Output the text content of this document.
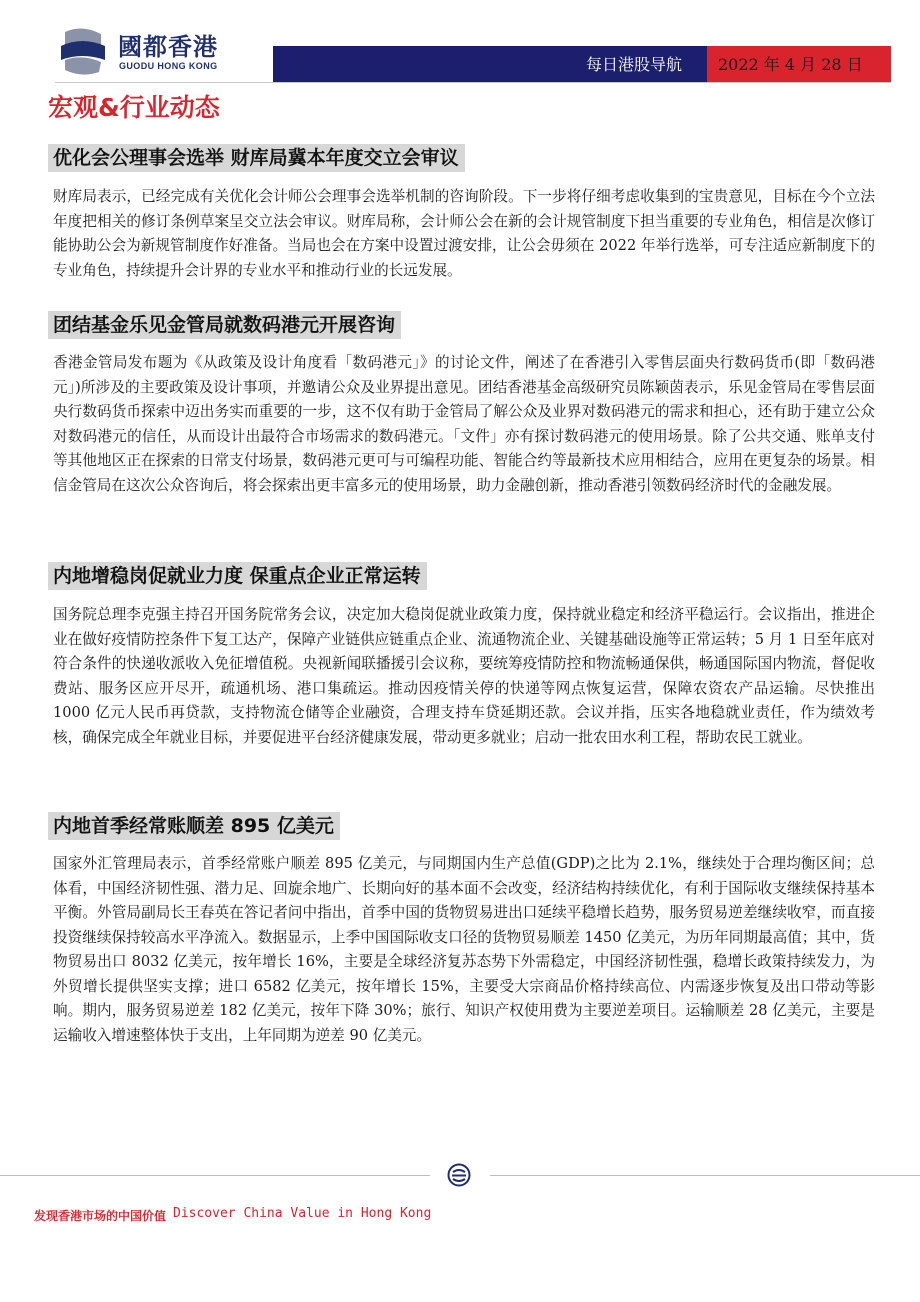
國都香港
GUODU HONG KONG	每日港股导航 2022 年 4 月 28 日
宏观&行业动态
优化会公理事会选举 财库局冀本年度交立会审议

财库局表示，已经完成有关优化会计师公会理事会选举机制的咨询阶段。下一步将仔细考虑收集到的宝贵意见，目标在今个立法年度把相关的修订条例草案呈交立法会审议。财库局称，会计师公会在新的会计规管制度下担当重要的专业角色，相信是次修订能协助公会为新规管制度作好准备。当局也会在方案中设置过渡安排，让公会毋须在 2022 年举行选举，可专注适应新制度下的专业角色，持续提升会计界的专业水平和推动行业的长远发展。

团结基金乐见金管局就数码港元开展咨询

香港金管局发布题为《从政策及设计角度看「数码港元」》的讨论文件，阐述了在香港引入零售层面央行数码货币(即「数码港元」)所涉及的主要政策及设计事项，并邀请公众及业界提出意见。团结香港基金高级研究员陈颖茵表示，乐见金管局在零售层面央行数码货币探索中迈出务实而重要的一步，这不仅有助于金管局了解公众及业界对数码港元的需求和担心，还有助于建立公众对数码港元的信任，从而设计出最符合市场需求的数码港元。「文件」亦有探讨数码港元的使用场景。除了公共交通、账单支付等其他地区正在探索的日常支付场景，数码港元更可与可编程功能、智能合约等最新技术应用相结合，应用在更复杂的场景。相信金管局在这次公众咨询后，将会探索出更丰富多元的使用场景，助力金融创新，推动香港引领数码经济时代的金融发展。

内地增稳岗促就业力度 保重点企业正常运转

国务院总理李克强主持召开国务院常务会议，决定加大稳岗促就业政策力度，保持就业稳定和经济平稳运行。会议指出，推进企业在做好疫情防控条件下复工达产，保障产业链供应链重点企业、流通物流企业、关键基础设施等正常运转；5 月 1 日至年底对符合条件的快递收派收入免征增值税。央视新闻联播援引会议称，要统筹疫情防控和物流畅通保供，畅通国际国内物流，督促收费站、服务区应开尽开，疏通机场、港口集疏运。推动因疫情关停的快递等网点恢复运营，保障农资农产品运输。尽快推出 1000 亿元人民币再贷款，支持物流仓储等企业融资，合理支持车贷延期还款。会议并指，压实各地稳就业责任，作为绩效考核，确保完成全年就业目标，并要促进平台经济健康发展，带动更多就业；启动一批农田水利工程，帮助农民工就业。

内地首季经常账顺差 895 亿美元

国家外汇管理局表示，首季经常账户顺差 895 亿美元，与同期国内生产总值(GDP)之比为 2.1%，继续处于合理均衡区间；总体看，中国经济韧性强、潜力足、回旋余地广、长期向好的基本面不会改变，经济结构持续优化，有利于国际收支继续保持基本平衡。外管局副局长王春英在答记者问中指出，首季中国的货物贸易进出口延续平稳增长趋势，服务贸易逆差继续收窄，而直接投资继续保持较高水平净流入。数据显示，上季中国国际收支口径的货物贸易顺差 1450 亿美元，为历年同期最高值；其中，货物贸易出口 8032 亿美元，按年增长 16%，主要是全球经济复苏态势下外需稳定，中国经济韧性强，稳增长政策持续发力，为外贸增长提供坚实支撑；进口 6582 亿美元，按年增长 15%，主要受大宗商品价格持续高位、内需逐步恢复及出口带动等影响。期内，服务贸易逆差 182 亿美元，按年下降 30%；旅行、知识产权使用费为主要逆差项目。运输顺差 28 亿美元，主要是运输收入增速整体快于支出，上年同期为逆差 90 亿美元。

发现香港市场的中国价值 Discover China Value in Hong Kong
